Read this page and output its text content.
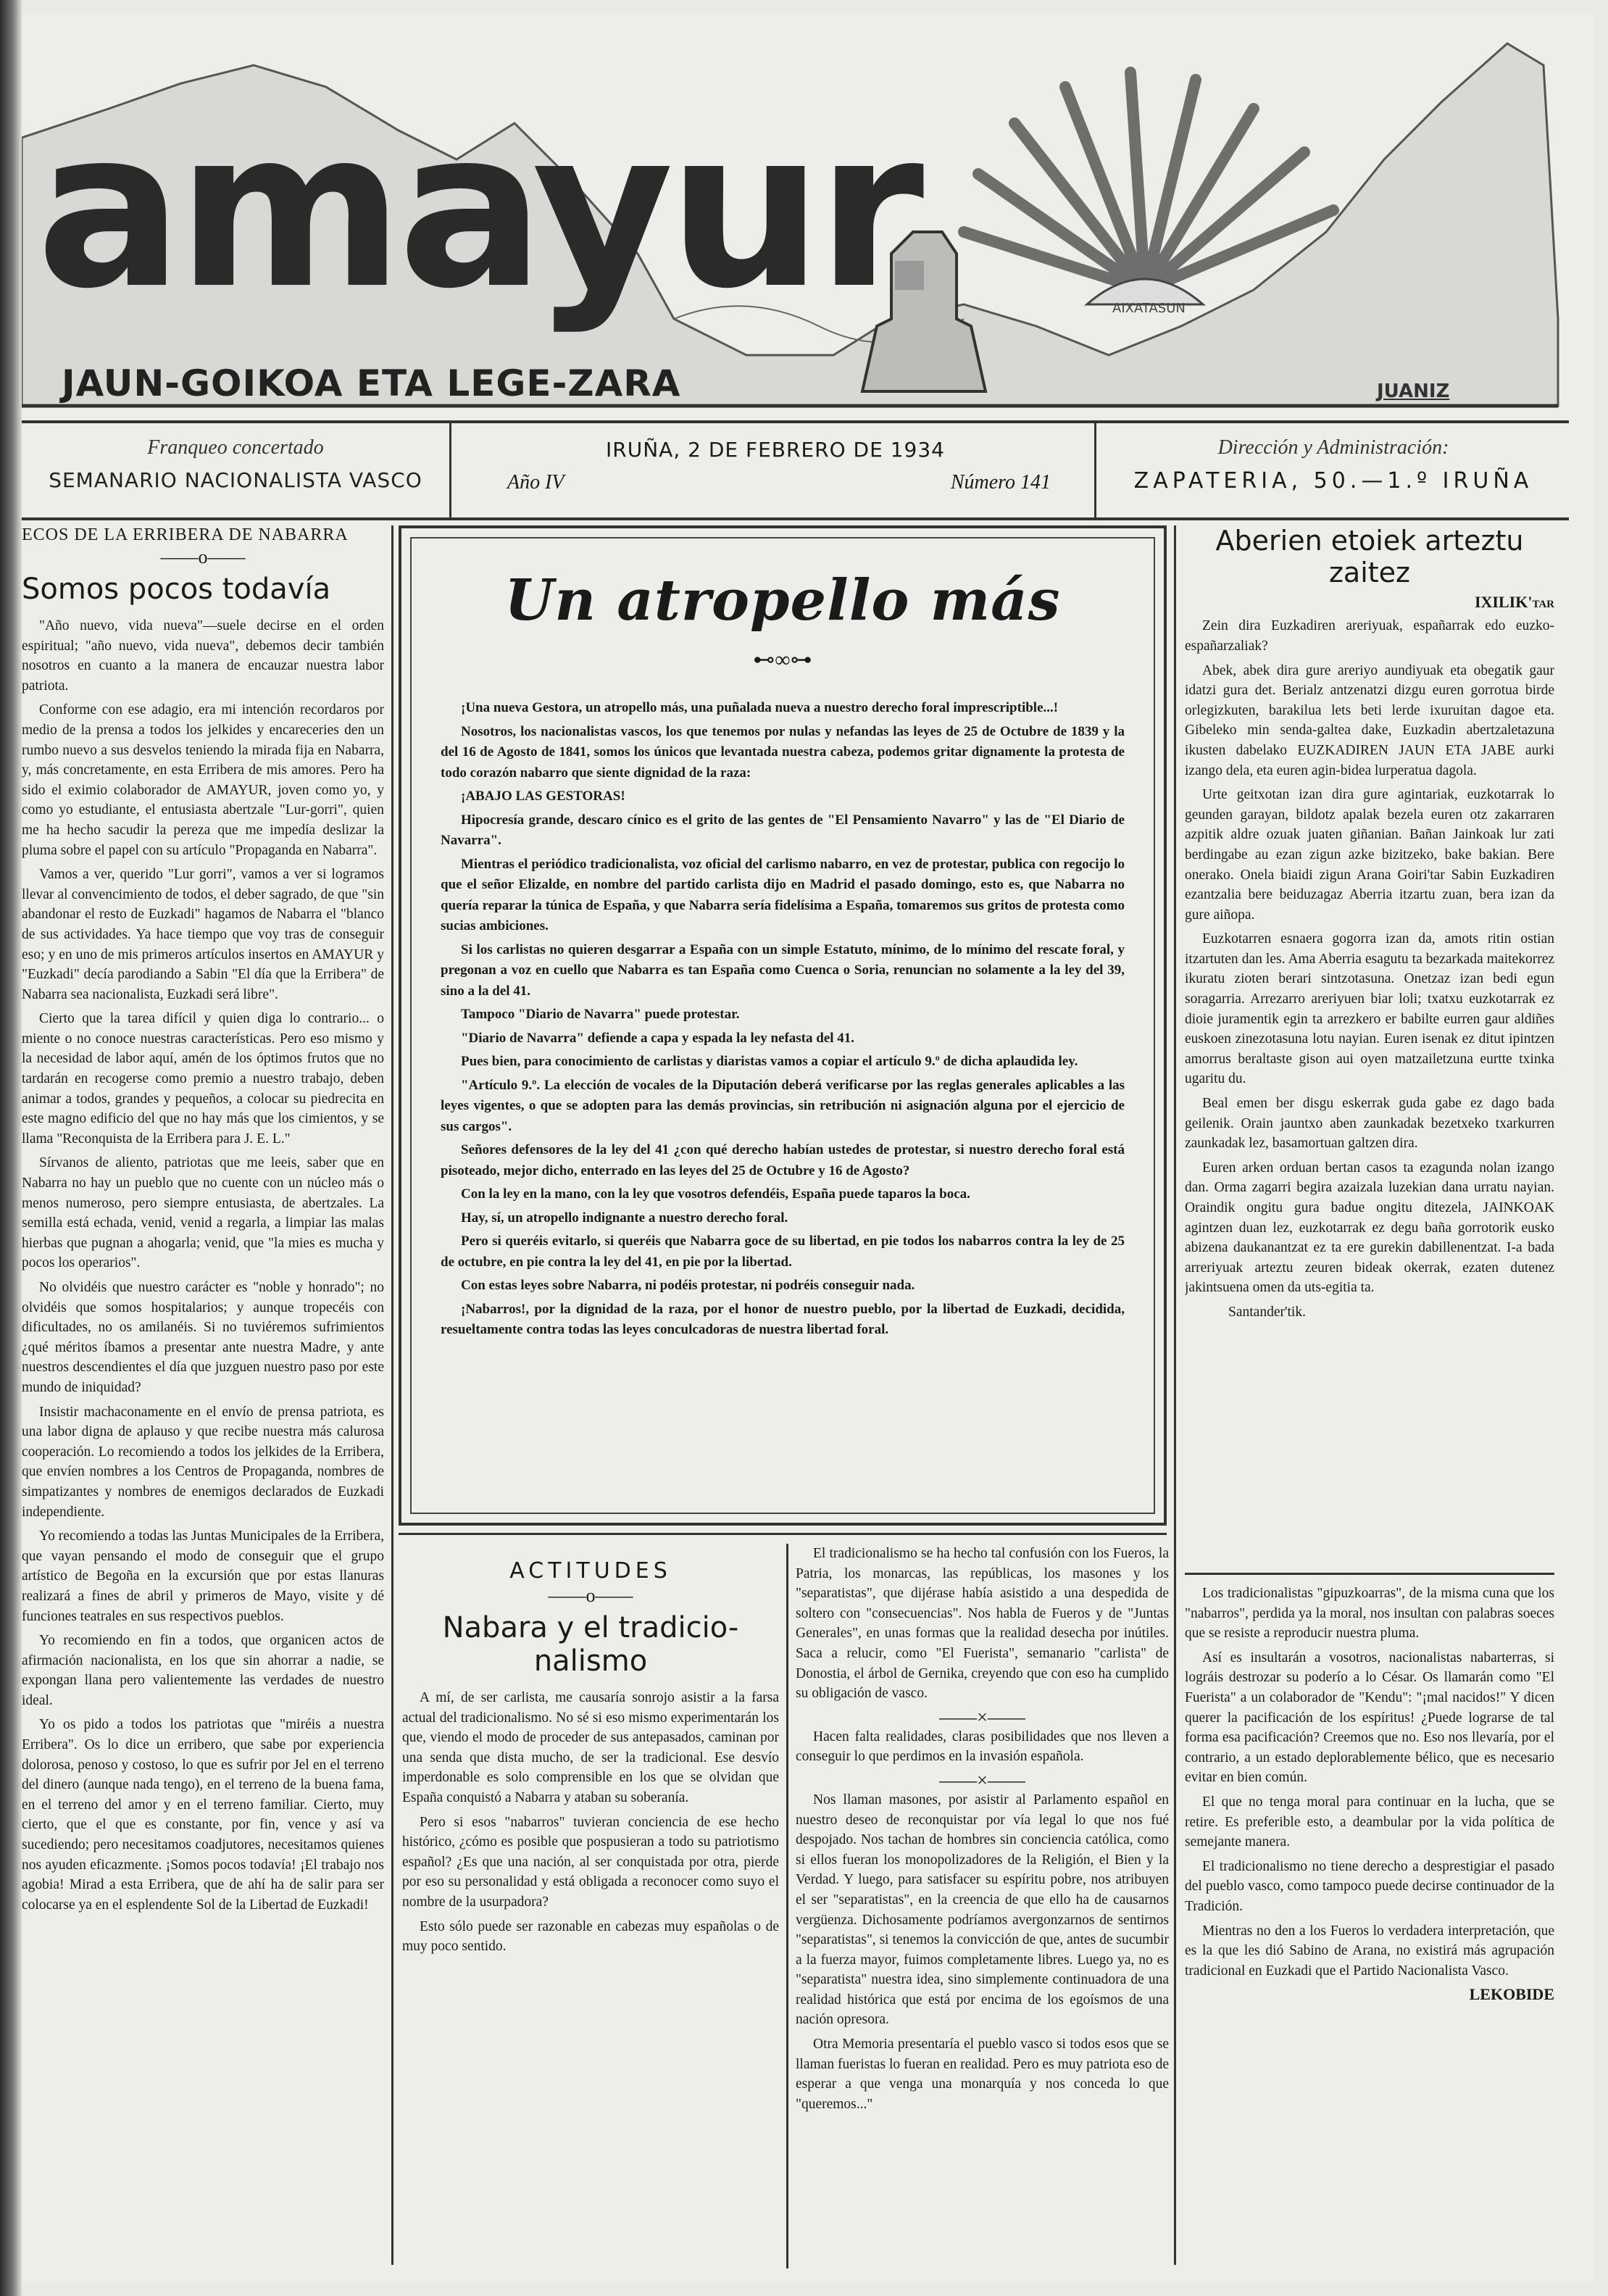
amayur	AIXATASUN
JAUN-GOIKOA ETA LEGE-ZARA	JUANIZ
Franqueo concertado
SEMANARIO NACIONALISTA VASCO
IRUÑA, 2 DE FEBRERO DE 1934
Año IV	Número 141
Dirección y Administración:
ZAPATERIA, 50.—1.º IRUÑA
ECOS DE LA ERRIBERA DE NABARRA
——o——
Somos pocos todavía

"Año nuevo, vida nueva"—suele decirse en el orden espiritual; "año nuevo, vida nueva", debemos decir también nosotros en cuanto a la manera de encauzar nuestra labor patriota.

Conforme con ese adagio, era mi intención recordaros por medio de la prensa a todos los jelkides y encareceries den un rumbo nuevo a sus desvelos teniendo la mirada fija en Nabarra, y, más concretamente, en esta Erribera de mis amores. Pero ha sido el eximio colaborador de AMAYUR, joven como yo, y como yo estudiante, el entusiasta abertzale "Lur-gorri", quien me ha hecho sacudir la pereza que me impedía deslizar la pluma sobre el papel con su artículo "Propaganda en Nabarra".

Vamos a ver, querido "Lur gorri", vamos a ver si logramos llevar al convencimiento de todos, el deber sagrado, de que "sin abandonar el resto de Euzkadi" hagamos de Nabarra el "blanco de sus actividades. Ya hace tiempo que voy tras de conseguir eso; y en uno de mis primeros artículos insertos en AMAYUR y "Euzkadi" decía parodiando a Sabin "El día que la Erribera" de Nabarra sea nacionalista, Euzkadi será libre".

Cierto que la tarea difícil y quien diga lo contrario... o miente o no conoce nuestras características. Pero eso mismo y la necesidad de labor aquí, amén de los óptimos frutos que no tardarán en recogerse como premio a nuestro trabajo, deben animar a todos, grandes y pequeños, a colocar su piedrecita en este magno edificio del que no hay más que los cimientos, y se llama "Reconquista de la Erribera para J. E. L."

Sírvanos de aliento, patriotas que me leeis, saber que en Nabarra no hay un pueblo que no cuente con un núcleo más o menos numeroso, pero siempre entusiasta, de abertzales. La semilla está echada, venid, venid a regarla, a limpiar las malas hierbas que pugnan a ahogarla; venid, que "la mies es mucha y pocos los operarios".

No olvidéis que nuestro carácter es "noble y honrado"; no olvidéis que somos hospitalarios; y aunque tropecéis con dificultades, no os amilanéis. Si no tuviéremos sufrimientos ¿qué méritos íbamos a presentar ante nuestra Madre, y ante nuestros descendientes el día que juzguen nuestro paso por este mundo de iniquidad?

Insistir machaconamente en el envío de prensa patriota, es una labor digna de aplauso y que recibe nuestra más calurosa cooperación. Lo recomiendo a todos los jelkides de la Erribera, que envíen nombres a los Centros de Propaganda, nombres de simpatizantes y nombres de enemigos declarados de Euzkadi independiente.

Yo recomiendo a todas las Juntas Municipales de la Erribera, que vayan pensando el modo de conseguir que el grupo artístico de Begoña en la excursión que por estas llanuras realizará a fines de abril y primeros de Mayo, visite y dé funciones teatrales en sus respectivos pueblos.

Yo recomiendo en fin a todos, que organicen actos de afirmación nacionalista, en los que sin ahorrar a nadie, se expongan llana pero valientemente las verdades de nuestro ideal.

Yo os pido a todos los patriotas que "miréis a nuestra Erribera". Os lo dice un erribero, que sabe por experiencia dolorosa, penoso y costoso, lo que es sufrir por Jel en el terreno del dinero (aunque nada tengo), en el terreno de la buena fama, en el terreno del amor y en el terreno familiar. Cierto, muy cierto, que el que es constante, por fin, vence y así va sucediendo; pero necesitamos coadjutores, necesitamos quienes nos ayuden eficazmente. ¡Somos pocos todavía! ¡El trabajo nos agobia! Mirad a esta Erribera, que de ahí ha de salir para ser colocarse ya en el esplendente Sol de la Libertad de Euzkadi!

Un atropello más
⊷∞⊶

¡Una nueva Gestora, un atropello más, una puñalada nueva a nuestro derecho foral imprescriptible...!

Nosotros, los nacionalistas vascos, los que tenemos por nulas y nefandas las leyes de 25 de Octubre de 1839 y la del 16 de Agosto de 1841, somos los únicos que levantada nuestra cabeza, podemos gritar dignamente la protesta de todo corazón nabarro que siente dignidad de la raza:

¡ABAJO LAS GESTORAS!

Hipocresía grande, descaro cínico es el grito de las gentes de "El Pensamiento Navarro" y las de "El Diario de Navarra".

Mientras el periódico tradicionalista, voz oficial del carlismo nabarro, en vez de protestar, publica con regocijo lo que el señor Elizalde, en nombre del partido carlista dijo en Madrid el pasado domingo, esto es, que Nabarra no quería reparar la túnica de España, y que Nabarra sería fidelísima a España, tomaremos sus gritos de protesta como sucias ambiciones.

Si los carlistas no quieren desgarrar a España con un simple Estatuto, mínimo, de lo mínimo del rescate foral, y pregonan a voz en cuello que Nabarra es tan España como Cuenca o Soria, renuncian no solamente a la ley del 39, sino a la del 41.

Tampoco "Diario de Navarra" puede protestar.

"Diario de Navarra" defiende a capa y espada la ley nefasta del 41.

Pues bien, para conocimiento de carlistas y diaristas vamos a copiar el artículo 9.º de dicha aplaudida ley.

"Artículo 9.º. La elección de vocales de la Diputación deberá verificarse por las reglas generales aplicables a las leyes vigentes, o que se adopten para las demás provincias, sin retribución ni asignación alguna por el ejercicio de sus cargos".

Señores defensores de la ley del 41 ¿con qué derecho habían ustedes de protestar, si nuestro derecho foral está pisoteado, mejor dicho, enterrado en las leyes del 25 de Octubre y 16 de Agosto?

Con la ley en la mano, con la ley que vosotros defendéis, España puede taparos la boca.

Hay, sí, un atropello indignante a nuestro derecho foral.

Pero si queréis evitarlo, si queréis que Nabarra goce de su libertad, en pie todos los nabarros contra la ley de 25 de octubre, en pie contra la ley del 41, en pie por la libertad.

Con estas leyes sobre Nabarra, ni podéis protestar, ni podréis conseguir nada.

¡Nabarros!, por la dignidad de la raza, por el honor de nuestro pueblo, por la libertad de Euzkadi, decidida, resueltamente contra todas las leyes conculcadoras de nuestra libertad foral.

Aberien etoiek arteztu
zaitez
IXILIK'tar

Zein dira Euzkadiren areriyuak, españarrak edo euzko-españarzaliak?

Abek, abek dira gure areriyo aundiyuak eta obegatik gaur idatzi gura det. Berialz antzenatzi dizgu euren gorrotua birde orlegizkuten, barakilua lets beti lerde ixuruitan dagoe eta. Gibeleko min senda-galtea dake, Euzkadin abertzaletazuna ikusten dabelako EUZKADIREN JAUN ETA JABE aurki izango dela, eta euren agin-bidea lurperatua dagola.

Urte geitxotan izan dira gure agintariak, euzkotarrak lo geunden garayan, bildotz apalak bezela euren otz zakarraren azpitik aldre ozuak juaten giñanian. Bañan Jainkoak lur zati berdingabe au ezan zigun azke bizitzeko, bake bakian. Bere onerako. Onela biaidi zigun Arana Goiri'tar Sabin Euzkadiren ezantzalia bere beiduzagaz Aberria itzartu zuan, bera izan da gure aiñopa.

Euzkotarren esnaera gogorra izan da, amots ritin ostian itzartuten dan les. Ama Aberria esagutu ta bezarkada maitekorrez ikuratu zioten berari sintzotasuna. Onetzaz izan bedi egun soragarria. Arrezarro areriyuen biar loli; txatxu euzkotarrak ez dioie juramentik egin ta arrezkero er babilte eurren gaur aldiñes euskoen zinezotasuna lotu nayian. Euren isenak ez ditut ipintzen amorrus beraltaste gison aui oyen matzailetzuna eurtte txinka ugaritu du.

Beal emen ber disgu eskerrak guda gabe ez dago bada geilenik. Orain jauntxo aben zaunkadak bezetxeko txarkurren zaunkadak lez, basamortuan galtzen dira.

Euren arken orduan bertan casos ta ezagunda nolan izango dan. Orma zagarri begira azaizala luzekian dana urratu nayian. Oraindik ongitu gura badue ongitu ditezela, JAINKOAK agintzen duan lez, euzkotarrak ez degu baña gorrotorik eusko abizena daukanantzat ez ta ere gurekin dabillenentzat. I-a bada arreriyuak arteztu zeuren bideak okerrak, ezaten dutenez jakintsuena omen da uts-egitia ta.

Santander'tik.

ACTITUDES
——o——
Nabara y el tradicio-
nalismo

A mí, de ser carlista, me causaría sonrojo asistir a la farsa actual del tradicionalismo. No sé si eso mismo experimentarán los que, viendo el modo de proceder de sus antepasados, caminan por una senda que dista mucho, de ser la tradicional. Ese desvío imperdonable es solo comprensible en los que se olvidan que España conquistó a Nabarra y ataban su soberanía.

Pero si esos "nabarros" tuvieran conciencia de ese hecho histórico, ¿cómo es posible que pospusieran a todo su patriotismo español? ¿Es que una nación, al ser conquistada por otra, pierde por eso su personalidad y está obligada a reconocer como suyo el nombre de la usurpadora?

Esto sólo puede ser razonable en cabezas muy españolas o de muy poco sentido.

El tradicionalismo se ha hecho tal confusión con los Fueros, la Patria, los monarcas, las repúblicas, los masones y los "separatistas", que dijérase había asistido a una despedida de soltero con "consecuencias". Nos habla de Fueros y de "Juntas Generales", en unas formas que la realidad desecha por inútiles. Saca a relucir, como "El Fuerista", semanario "carlista" de Donostia, el árbol de Gernika, creyendo que con eso ha cumplido su obligación de vasco.

——×——

Hacen falta realidades, claras posibilidades que nos lleven a conseguir lo que perdimos en la invasión española.

——×——

Nos llaman masones, por asistir al Parlamento español en nuestro deseo de reconquistar por vía legal lo que nos fué despojado. Nos tachan de hombres sin conciencia católica, como si ellos fueran los monopolizadores de la Religión, el Bien y la Verdad. Y luego, para satisfacer su espíritu pobre, nos atribuyen el ser "separatistas", en la creencia de que ello ha de causarnos vergüenza. Dichosamente podríamos avergonzarnos de sentirnos "separatistas", si tenemos la convicción de que, antes de sucumbir a la fuerza mayor, fuimos completamente libres. Luego ya, no es "separatista" nuestra idea, sino simplemente continuadora de una realidad histórica que está por encima de los egoísmos de una nación opresora.

Otra Memoria presentaría el pueblo vasco si todos esos que se llaman fueristas lo fueran en realidad. Pero es muy patriota eso de esperar a que venga una monarquía y nos conceda lo que "queremos..."

Los tradicionalistas "gipuzkoarras", de la misma cuna que los "nabarros", perdida ya la moral, nos insultan con palabras soeces que se resiste a reproducir nuestra pluma.

Así es insultarán a vosotros, nacionalistas nabarterras, si lográis destrozar su poderío a lo César. Os llamarán como "El Fuerista" a un colaborador de "Kendu": "¡mal nacidos!" Y dicen querer la pacificación de los espíritus! ¿Puede lograrse de tal forma esa pacificación? Creemos que no. Eso nos llevaría, por el contrario, a un estado deplorablemente bélico, que es necesario evitar en bien común.

El que no tenga moral para continuar en la lucha, que se retire. Es preferible esto, a deambular por la vida política de semejante manera.

El tradicionalismo no tiene derecho a desprestigiar el pasado del pueblo vasco, como tampoco puede decirse continuador de la Tradición.

Mientras no den a los Fueros lo verdadera interpretación, que es la que les dió Sabino de Arana, no existirá más agrupación tradicional en Euzkadi que el Partido Nacionalista Vasco.

LEKOBIDE
